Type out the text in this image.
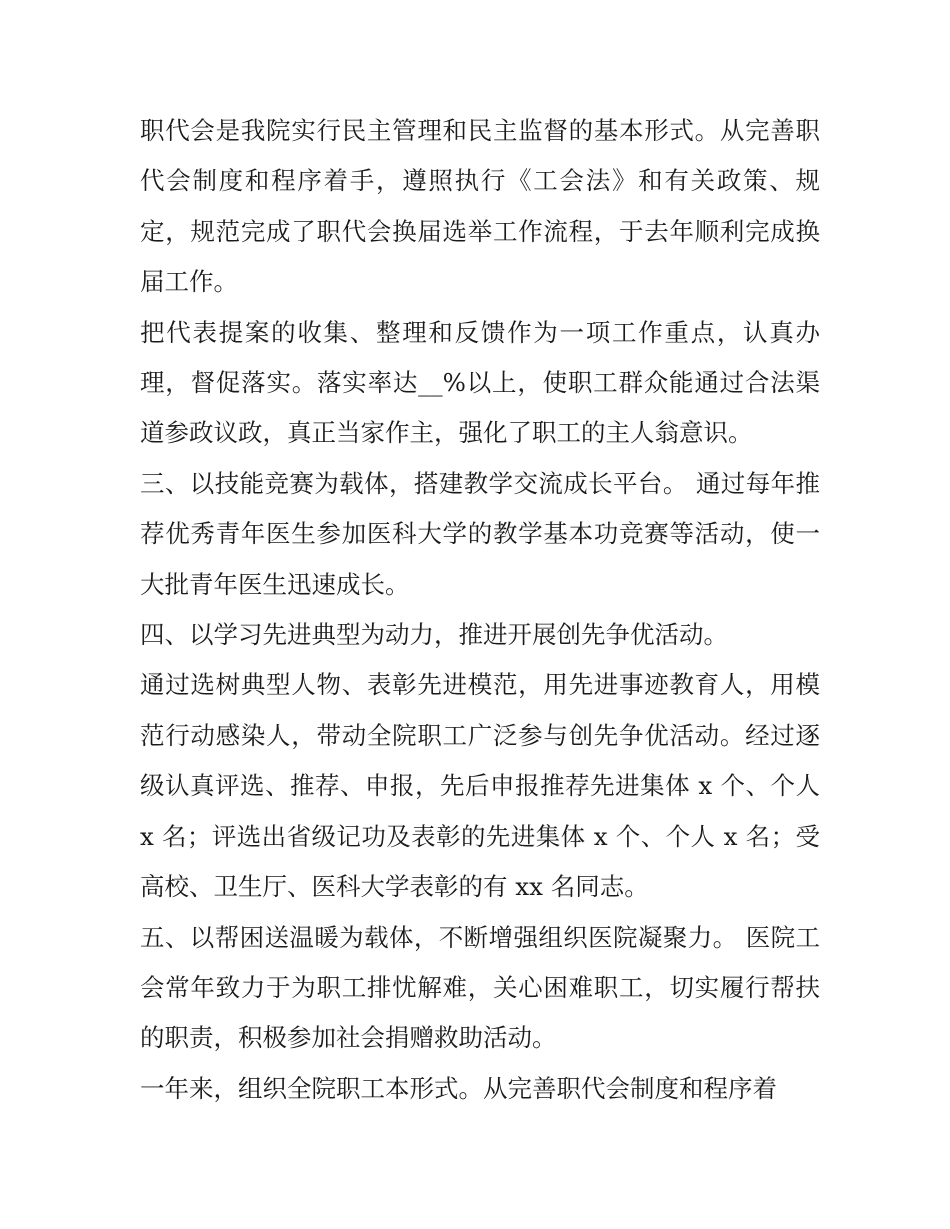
职代会是我院实行民主管理和民主监督的基本形式。从完善职代会制度和程序着手，遵照执行《工会法》和有关政策、规定，规范完成了职代会换届选举工作流程，于去年顺利完成换届工作。

把代表提案的收集、整理和反馈作为一项工作重点，认真办理，督促落实。落实率达__%以上，使职工群众能通过合法渠道参政议政，真正当家作主，强化了职工的主人翁意识。

三、以技能竞赛为载体，搭建教学交流成长平台。 通过每年推荐优秀青年医生参加医科大学的教学基本功竞赛等活动，使一大批青年医生迅速成长。

四、以学习先进典型为动力，推进开展创先争优活动。

通过选树典型人物、表彰先进模范，用先进事迹教育人，用模范行动感染人，带动全院职工广泛参与创先争优活动。经过逐级认真评选、推荐、申报，先后申报推荐先进集体 x 个、个人 x 名；评选出省级记功及表彰的先进集体 x 个、个人 x 名；受高校、卫生厅、医科大学表彰的有 xx 名同志。

五、以帮困送温暖为载体，不断增强组织医院凝聚力。 医院工会常年致力于为职工排忧解难，关心困难职工，切实履行帮扶的职责，积极参加社会捐赠救助活动。

一年来，组织全院职工本形式。从完善职代会制度和程序着
